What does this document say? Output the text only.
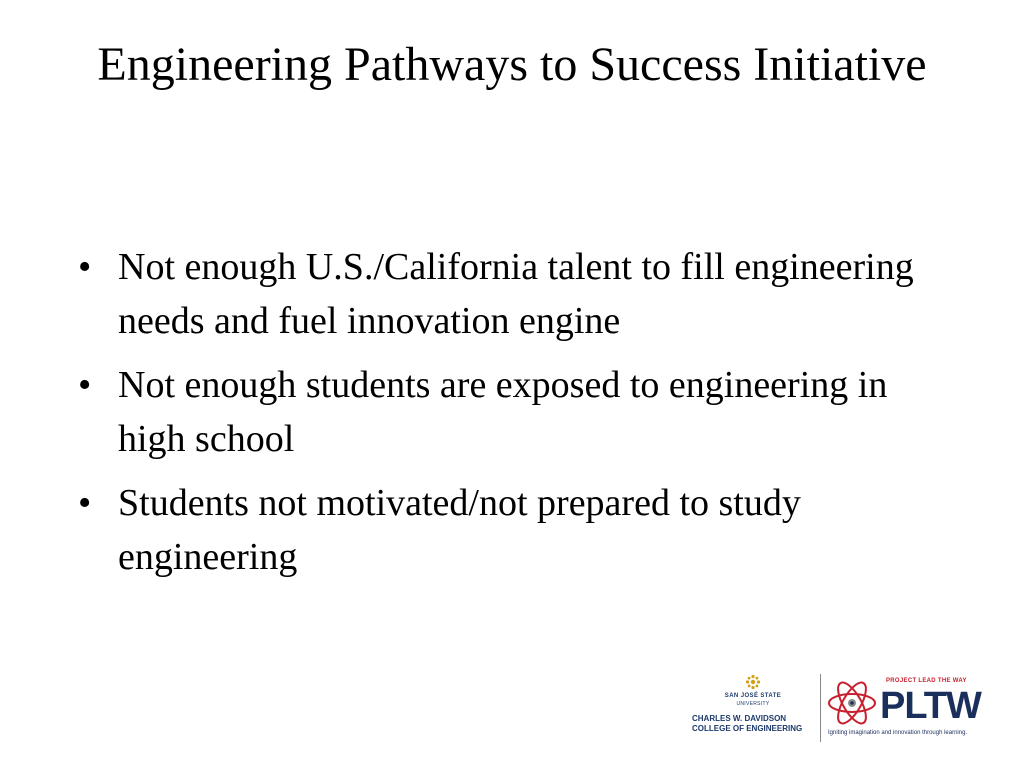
Engineering Pathways to Success Initiative
• Not enough U.S./California talent to fill engineering needs and fuel innovation engine
• Not enough students are exposed to engineering in high school
• Students not motivated/not prepared to study engineering
SAN JOSÉ STATE
UNIVERSITY
CHARLES W. DAVIDSON
COLLEGE OF ENGINEERING
PROJECT LEAD THE WAY
PLTW
Igniting imagination and innovation through learning.
